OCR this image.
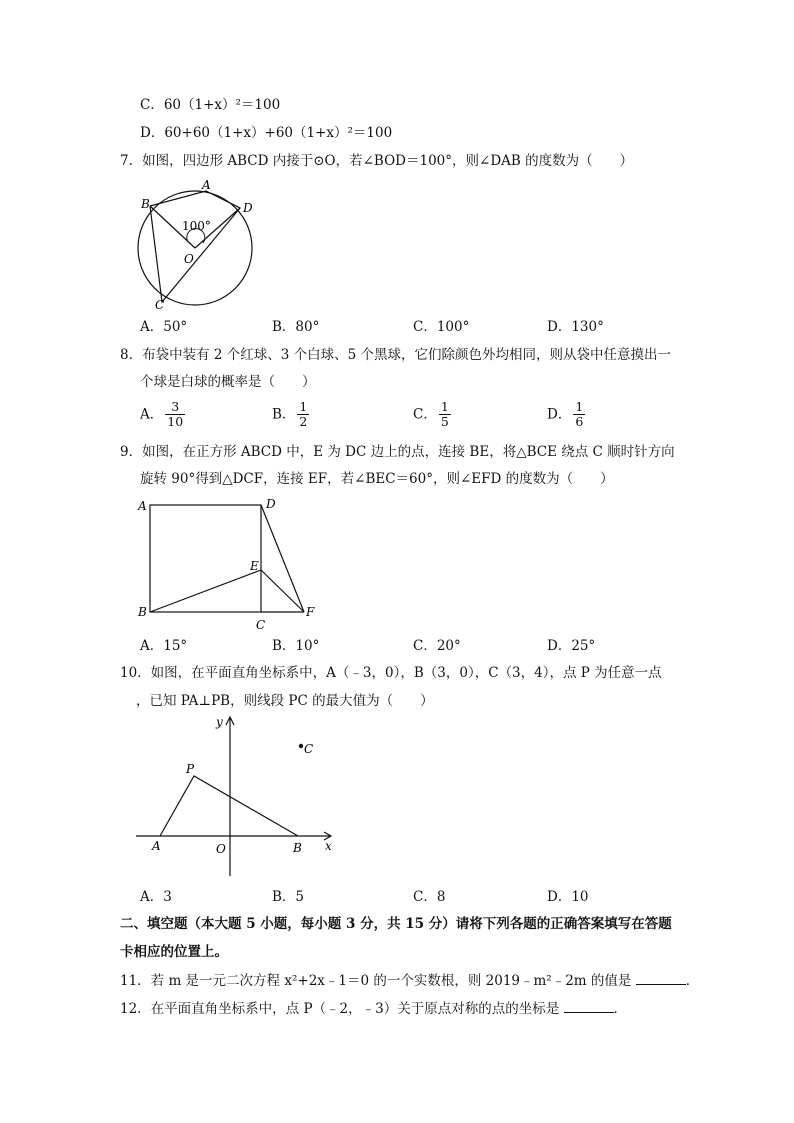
C．60（1+x）²＝100
D．60+60（1+x）+60（1+x）²＝100
7．如图，四边形 ABCD 内接于⊙O，若∠BOD＝100°，则∠DAB 的度数为（　　）
A
B
C
D
O
100°
A．50°	B．80°	C．100°	D．130°
8．布袋中装有 2 个红球、3 个白球、5 个黑球，它们除颜色外均相同，则从袋中任意摸出一
个球是白球的概率是（　　）
A． $\frac{3}{10}$	B． $\frac{1}{2}$	C． $\frac{1}{5}$	D． $\frac{1}{6}$
9．如图，在正方形 ABCD 中，E 为 DC 边上的点，连接 BE，将△BCE 绕点 C 顺时针方向
旋转 90°得到△DCF，连接 EF，若∠BEC＝60°，则∠EFD 的度数为（　　）
A
B
C
D
E
F
A．15°	B．10°	C．20°	D．25°
10．如图，在平面直角坐标系中，A（﹣3，0），B（3，0），C（3，4），点 P 为任意一点
，已知 PA⊥PB，则线段 PC 的最大值为（　　）
A	B
C
O
P
x
y
A．3	B．5	C．8	D．10
二、填空题（本大题 5 小题，每小题 3 分，共 15 分）请将下列各题的正确答案填写在答题
卡相应的位置上。
11．若 m 是一元二次方程 x²+2x﹣1＝0 的一个实数根，则 2019﹣m²﹣2m 的值是	．
12．在平面直角坐标系中，点 P（﹣2，﹣3）关于原点对称的点的坐标是	．
